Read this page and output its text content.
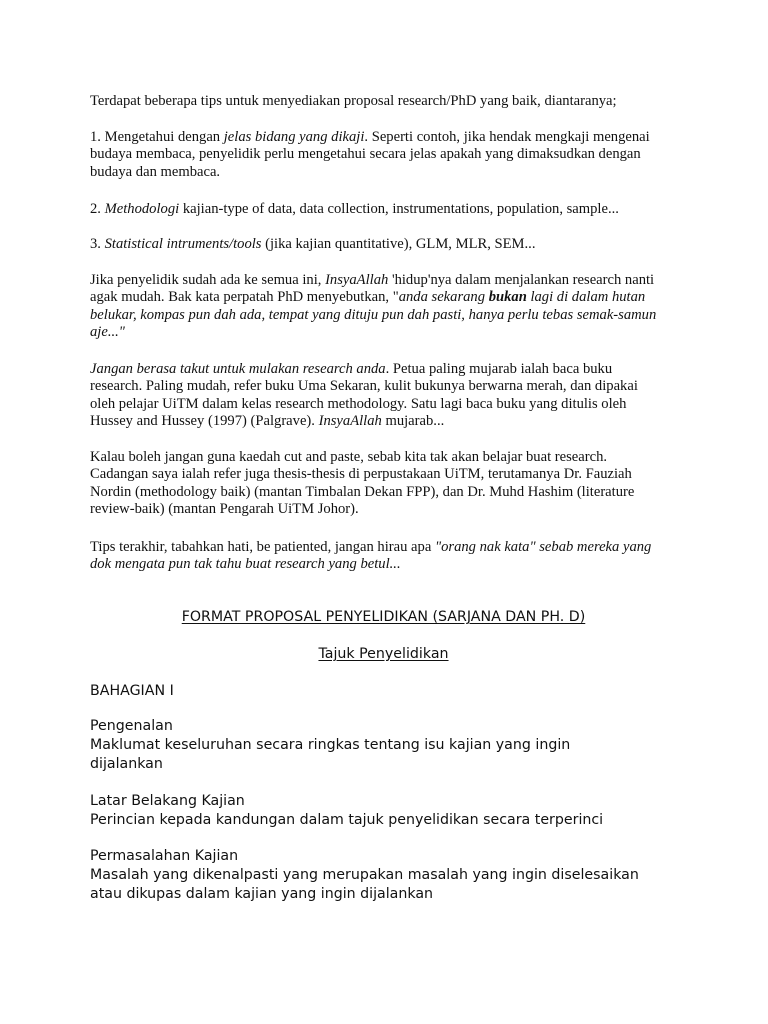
Terdapat beberapa tips untuk menyediakan proposal research/PhD yang baik, diantaranya;

1. Mengetahui dengan jelas bidang yang dikaji. Seperti contoh, jika hendak mengkaji mengenai
budaya membaca, penyelidik perlu mengetahui secara jelas apakah yang dimaksudkan dengan
budaya dan membaca.

2. Methodologi kajian-type of data, data collection, instrumentations, population, sample...

3. Statistical intruments/tools (jika kajian quantitative), GLM, MLR, SEM...

Jika penyelidik sudah ada ke semua ini, InsyaAllah 'hidup'nya dalam menjalankan research nanti
agak mudah. Bak kata perpatah PhD menyebutkan, "anda sekarang bukan lagi di dalam hutan
belukar, kompas pun dah ada, tempat yang dituju pun dah pasti, hanya perlu tebas semak-samun
aje..."

Jangan berasa takut untuk mulakan research anda. Petua paling mujarab ialah baca buku
research. Paling mudah, refer buku Uma Sekaran, kulit bukunya berwarna merah, dan dipakai
oleh pelajar UiTM dalam kelas research methodology. Satu lagi baca buku yang ditulis oleh
Hussey and Hussey (1997) (Palgrave). InsyaAllah mujarab...

Kalau boleh jangan guna kaedah cut and paste, sebab kita tak akan belajar buat research.
Cadangan saya ialah refer juga thesis-thesis di perpustakaan UiTM, terutamanya Dr. Fauziah
Nordin (methodology baik) (mantan Timbalan Dekan FPP), dan Dr. Muhd Hashim (literature
review-baik) (mantan Pengarah UiTM Johor).

Tips terakhir, tabahkan hati, be patiented, jangan hirau apa "orang nak kata" sebab mereka yang
dok mengata pun tak tahu buat research yang betul...

FORMAT PROPOSAL PENYELIDIKAN (SARJANA DAN PH. D)

Tajuk Penyelidikan

BAHAGIAN I

Pengenalan
Maklumat keseluruhan secara ringkas tentang isu kajian yang ingin
dijalankan
Latar Belakang Kajian
Perincian kepada kandungan dalam tajuk penyelidikan secara terperinci
Permasalahan Kajian
Masalah yang dikenalpasti yang merupakan masalah yang ingin diselesaikan
atau dikupas dalam kajian yang ingin dijalankan
